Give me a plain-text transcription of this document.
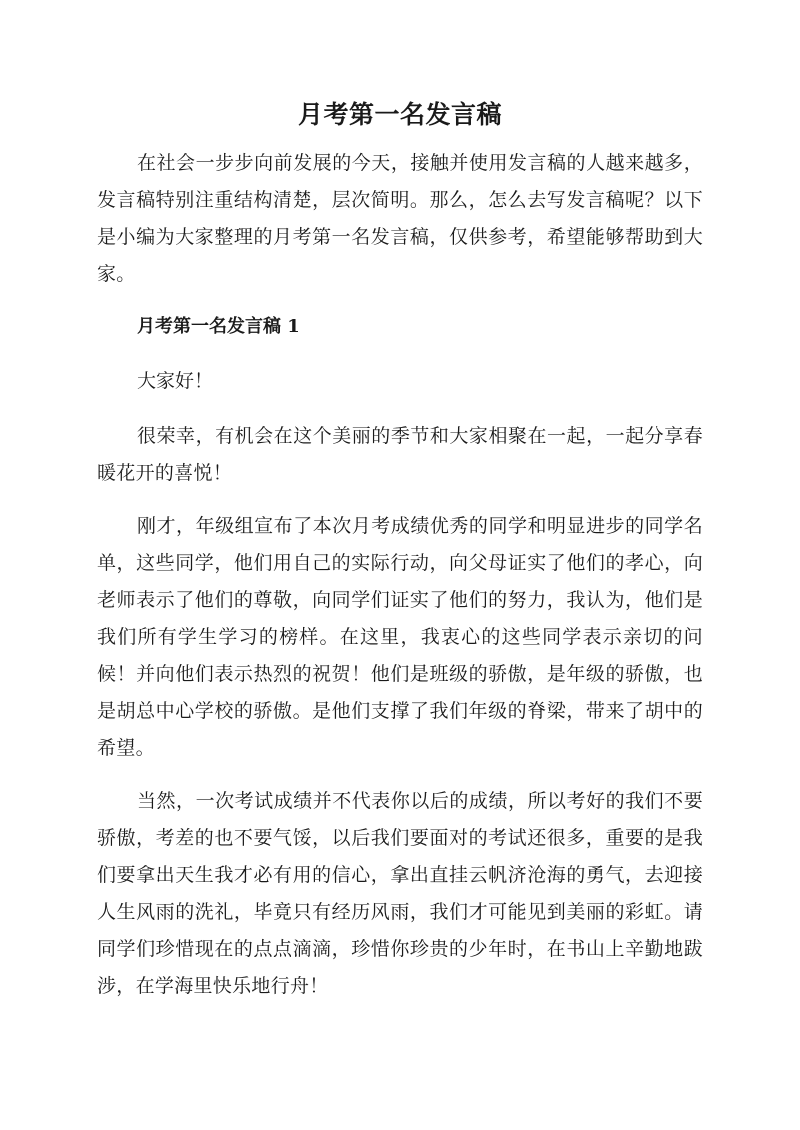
月考第一名发言稿

在社会一步步向前发展的今天，接触并使用发言稿的人越来越多，发言稿特别注重结构清楚，层次简明。那么，怎么去写发言稿呢？以下是小编为大家整理的月考第一名发言稿，仅供参考，希望能够帮助到大家。

月考第一名发言稿 1

大家好！

很荣幸，有机会在这个美丽的季节和大家相聚在一起，一起分享春暖花开的喜悦！

刚才，年级组宣布了本次月考成绩优秀的同学和明显进步的同学名单，这些同学，他们用自己的实际行动，向父母证实了他们的孝心，向老师表示了他们的尊敬，向同学们证实了他们的努力，我认为，他们是我们所有学生学习的榜样。在这里，我衷心的这些同学表示亲切的问候！并向他们表示热烈的祝贺！他们是班级的骄傲，是年级的骄傲，也是胡总中心学校的骄傲。是他们支撑了我们年级的脊梁，带来了胡中的希望。

当然，一次考试成绩并不代表你以后的成绩，所以考好的我们不要骄傲，考差的也不要气馁，以后我们要面对的考试还很多，重要的是我们要拿出天生我才必有用的信心，拿出直挂云帆济沧海的勇气，去迎接人生风雨的洗礼，毕竟只有经历风雨，我们才可能见到美丽的彩虹。请同学们珍惜现在的点点滴滴，珍惜你珍贵的少年时，在书山上辛勤地跋涉，在学海里快乐地行舟！
